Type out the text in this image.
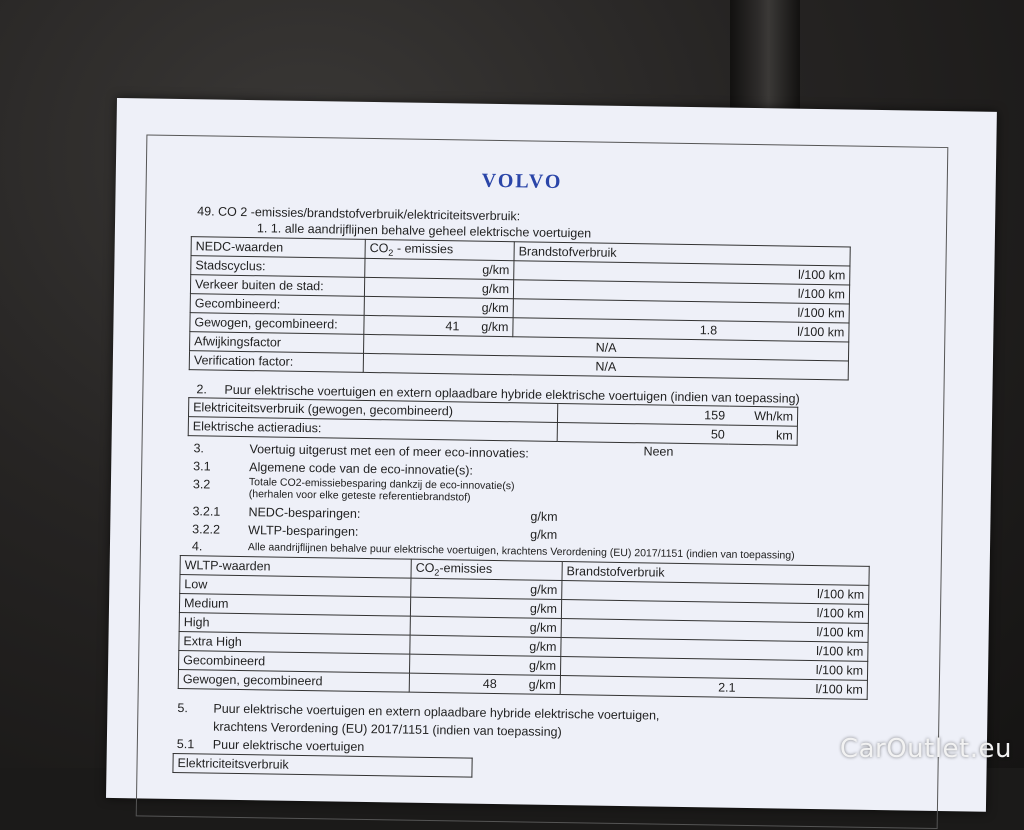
VOLVO
49. CO 2 -emissies/brandstofverbruik/elektriciteitsverbruik:
1. 1. alle aandrijflijnen behalve geheel elektrische voertuigen
NEDC-waarden	$CO_2$ - emissies	Brandstofverbruik
Stadscyclus:	g/km	l/100 km
Verkeer buiten de stad:	g/km	l/100 km
Gecombineerd:	g/km	l/100 km
Gewogen, gecombineerd:	41 g/km	1.8 l/100 km
Afwijkingsfactor	N/A	
Verification factor:	N/A	
2. Puur elektrische voertuigen en extern oplaadbare hybride elektrische voertuigen (indien van toepassing)
Elektriciteitsverbruik (gewogen, gecombineerd)	159	Wh/km
Elektrische actieradius:	50	km
3.	Voertuig uitgerust met een of meer eco-innovaties:	Neen
3.1	Algemene code van de eco-innovatie(s):
3.2	Totale CO2-emissiebesparing dankzij de eco-innovatie(s)
(herhalen voor elke geteste referentiebrandstof)
3.2.1 NEDC-besparingen:	g/km
3.2.2 WLTP-besparingen:	g/km
4.	Alle aandrijflijnen behalve puur elektrische voertuigen, krachtens Verordening (EU) 2017/1151 (indien van toepassing)
WLTP-waarden	$CO_2$-emissies	Brandstofverbruik
Low	g/km	l/100 km
Medium	g/km	l/100 km
High	g/km	l/100 km
Extra High	g/km	l/100 km
Gecombineerd	g/km	l/100 km
Gewogen, gecombineerd	48 g/km	2.1 l/100 km
5. Puur elektrische voertuigen en extern oplaadbare hybride elektrische voertuigen,
krachtens Verordening (EU) 2017/1151 (indien van toepassing)
5.1 Puur elektrische voertuigen
Elektriciteitsverbruik	CarOutlet.eu
